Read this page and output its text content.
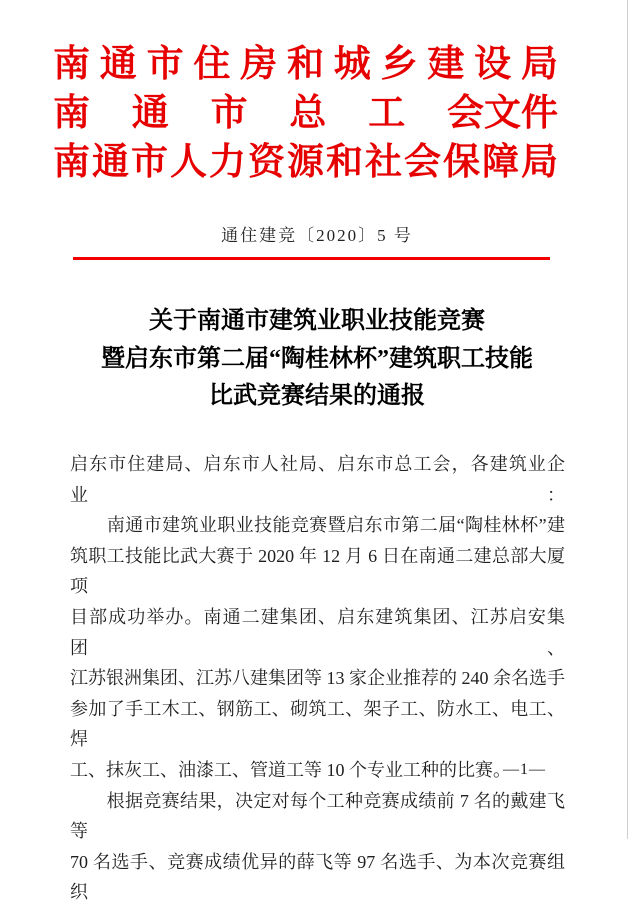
南 通 市 住 房 和 城 乡 建 设 局
南 通 市 总 工 会文件
南 通 市 人 力 资 源 和 社 会 保 障 局
通住建竞〔2020〕5 号
关于南通市建筑业职业技能竞赛
暨启东市第二届“陶桂林杯”建筑职工技能
比武竞赛结果的通报
启东市住建局、启东市人社局、启东市总工会，各建筑业企业：
　　南通市建筑业职业技能竞赛暨启东市第二届“陶桂林杯”建
筑职工技能比武大赛于 2020 年 12 月 6 日在南通二建总部大厦项
目部成功举办。南通二建集团、启东建筑集团、江苏启安集团、
江苏银洲集团、江苏八建集团等 13 家企业推荐的 240 余名选手
参加了手工木工、钢筋工、砌筑工、架子工、防水工、电工、焊
工、抹灰工、油漆工、管道工等 10 个专业工种的比赛。
　　根据竞赛结果，决定对每个工种竞赛成绩前 7 名的戴建飞等
70 名选手、竞赛成绩优异的薛飞等 97 名选手、为本次竞赛组织
—1—
